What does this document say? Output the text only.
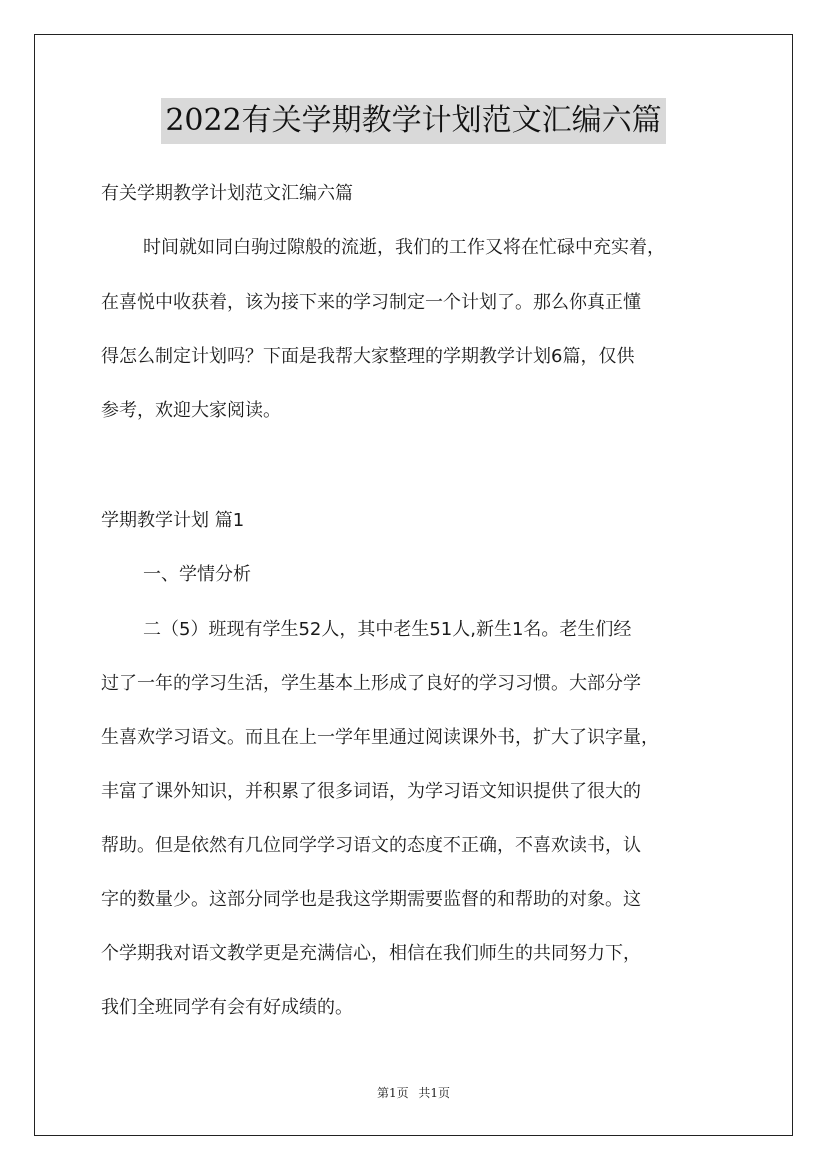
2022有关学期教学计划范文汇编六篇
有关学期教学计划范文汇编六篇
时间就如同白驹过隙般的流逝，我们的工作又将在忙碌中充实着，
在喜悦中收获着，该为接下来的学习制定一个计划了。那么你真正懂
得怎么制定计划吗？下面是我帮大家整理的学期教学计划6篇，仅供
参考，欢迎大家阅读。
学期教学计划 篇1
一、学情分析
二（5）班现有学生52人，其中老生51人,新生1名。老生们经
过了一年的学习生活，学生基本上形成了良好的学习习惯。大部分学
生喜欢学习语文。而且在上一学年里通过阅读课外书，扩大了识字量，
丰富了课外知识，并积累了很多词语，为学习语文知识提供了很大的
帮助。但是依然有几位同学学习语文的态度不正确，不喜欢读书，认
字的数量少。这部分同学也是我这学期需要监督的和帮助的对象。这
个学期我对语文教学更是充满信心，相信在我们师生的共同努力下，
我们全班同学有会有好成绩的。
第1页 共1页
